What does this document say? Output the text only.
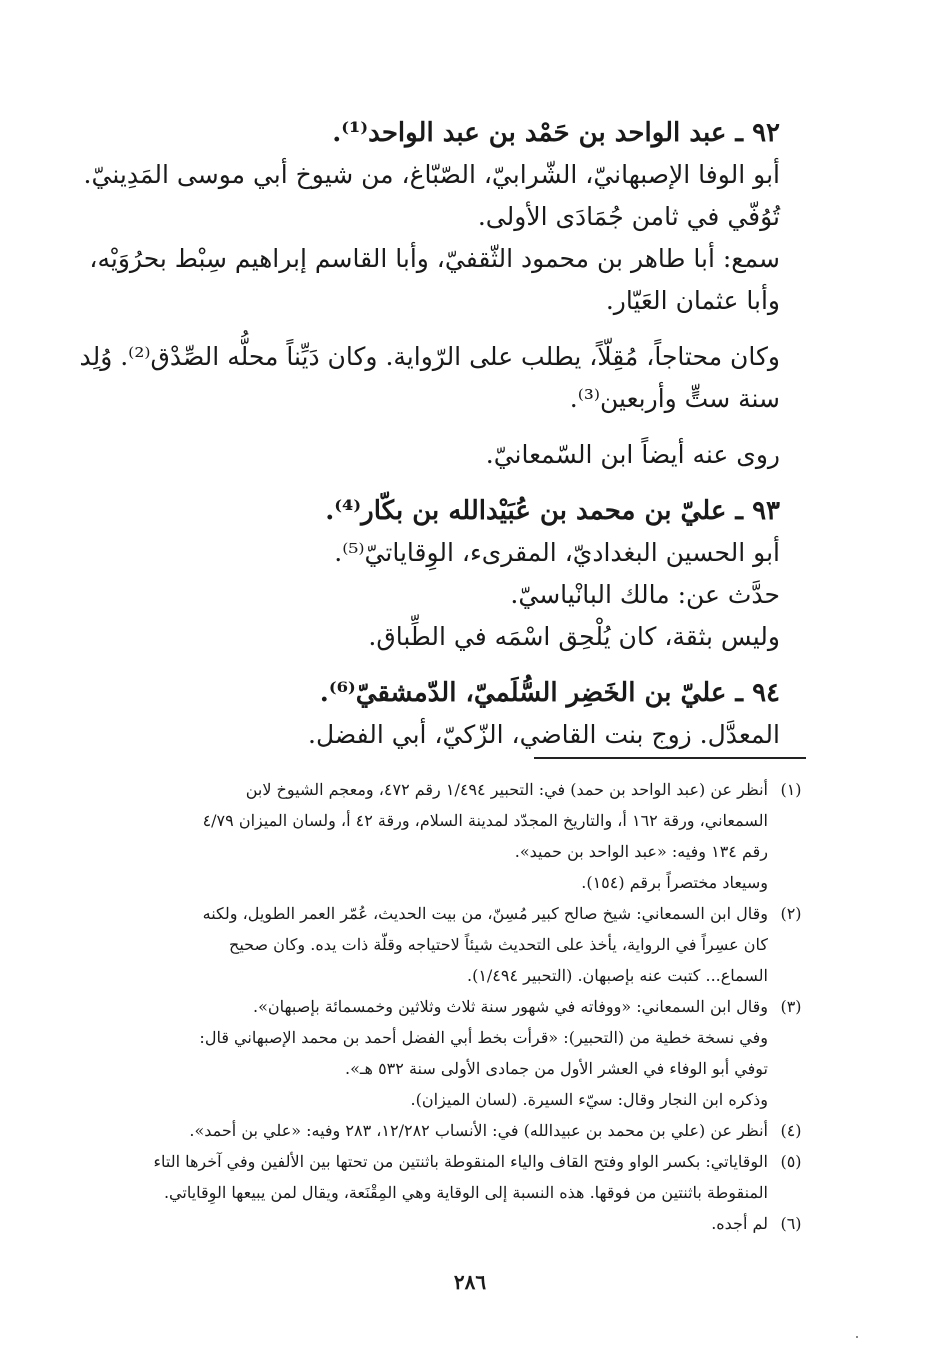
٩٢ ـ عبد الواحد بن حَمْد بن عبد الواحد⁽¹⁾.
أبو الوفا الإصبهانيّ، الشّرابيّ، الصّبّاغ، من شيوخ أبي موسى المَدِينيّ.
تُوُفّي في ثامن جُمَادَى الأولى.
سمع: أبا طاهر بن محمود الثّقفيّ، وأبا القاسم إبراهيم سِبْط بحرُوَيْه،
وأبا عثمان العَيّار.
وكان محتاجاً، مُقِلّاً، يطلب على الرّواية. وكان دَيِّناً محلُّه الصِّدْق⁽²⁾. وُلِد
سنة ستٍّ وأربعين⁽³⁾.
روى عنه أيضاً ابن السّمعانيّ.
٩٣ ـ عليّ بن محمد بن عُبَيْدالله بن بكّار⁽⁴⁾.
أبو الحسين البغداديّ، المقرىء، الوِقاياتيّ⁽⁵⁾.
حدَّث عن: مالك البانْياسيّ.
وليس بثقة، كان يُلْحِق اسْمَه في الطِّباق.
٩٤ ـ عليّ بن الخَضِر السُّلَميّ، الدّمشقيّ⁽⁶⁾.
المعدَّل. زوج بنت القاضي، الزّكيّ، أبي الفضل.
(١)
أنظر عن (عبد الواحد بن حمد) في: التحبير ١/٤٩٤ رقم ٤٧٢، ومعجم الشيوخ لابن
السمعاني، ورقة ١٦٢ أ، والتاريخ المجدّد لمدينة السلام، ورقة ٤٢ أ، ولسان الميزان ٤/٧٩
رقم ١٣٤ وفيه: «عبد الواحد بن حميد».
وسيعاد مختصراً برقم (١٥٤).
(٢)
وقال ابن السمعاني: شيخ صالح كبير مُسِنّ، من بيت الحديث، عُمّر العمر الطويل، ولكنه
كان عسِراً في الرواية، يأخذ على التحديث شيئاً لاحتياجه وقلّة ذات يده. وكان صحيح
السماع... كتبت عنه بإصبهان. (التحبير ١/٤٩٤).
(٣)
وقال ابن السمعاني: «ووفاته في شهور سنة ثلاث وثلاثين وخمسمائة بإصبهان».
وفي نسخة خطية من (التحبير): «قرأت بخط أبي الفضل أحمد بن محمد الإصبهاني قال:
توفي أبو الوفاء في العشر الأول من جمادى الأولى سنة ٥٣٢ هـ».
وذكره ابن النجار وقال: سيّء السيرة. (لسان الميزان).
(٤)
أنظر عن (علي بن محمد بن عبيدالله) في: الأنساب ١٢/٢٨٢، ٢٨٣ وفيه: «علي بن أحمد».
(٥)
الوقاياتي: بكسر الواو وفتح القاف والياء المنقوطة باثنتين من تحتها بين الألفين وفي آخرها التاء
المنقوطة باثنتين من فوقها. هذه النسبة إلى الوقاية وهي المِقْنَعة، ويقال لمن يبيعها الوِقاياتي.
(٦)
لم أجده.
٢٨٦
